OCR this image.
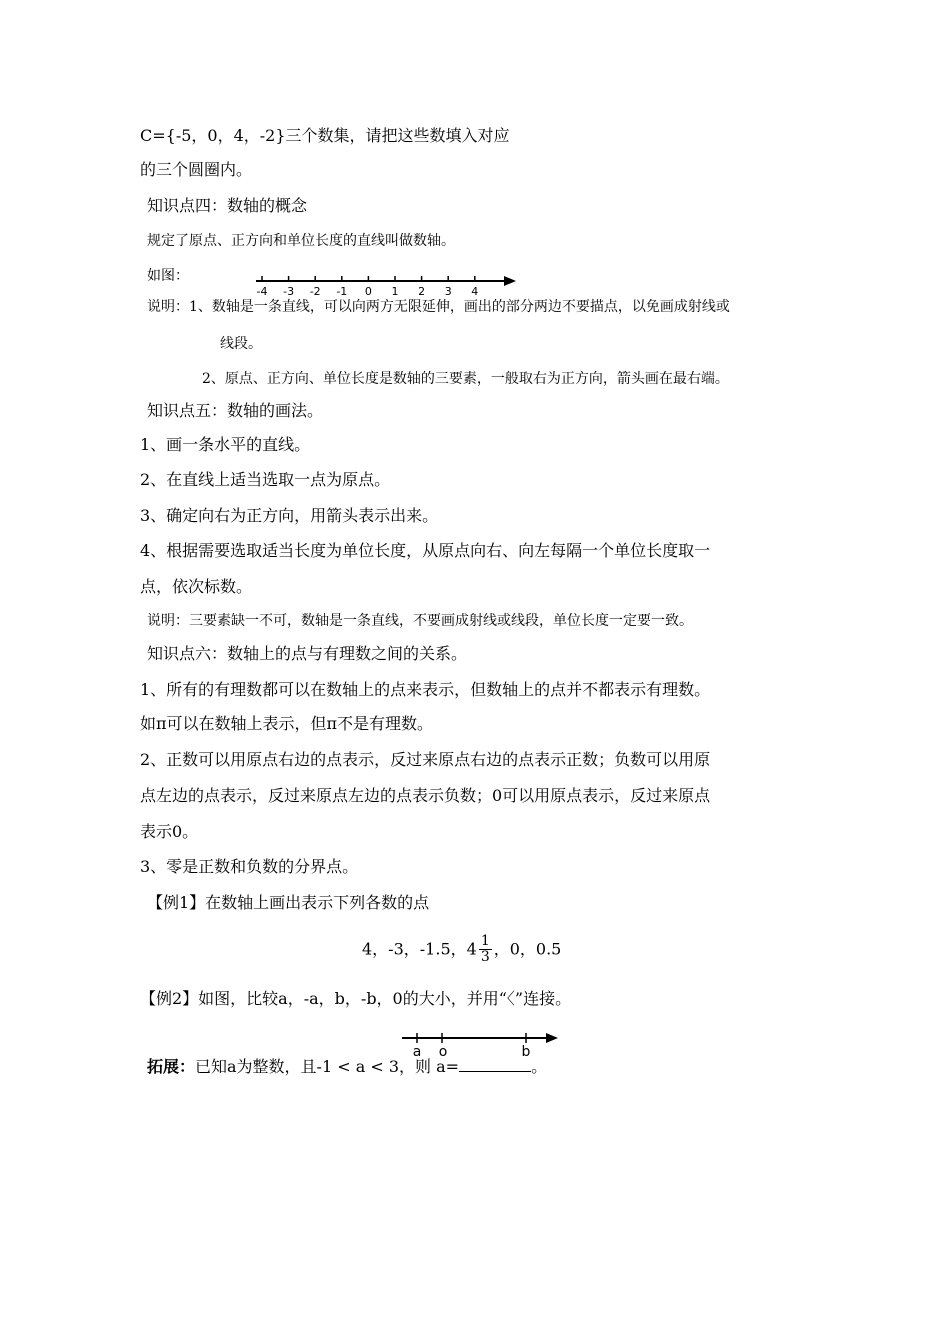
C={-5，0，4，-2}三个数集，请把这些数填入对应
的三个圆圈内。
知识点四：数轴的概念
规定了原点、正方向和单位长度的直线叫做数轴。
如图：
-4 -3 -2 -1 0 1 2 3 4
说明：1、数轴是一条直线，可以向两方无限延伸，画出的部分两边不要描点，以免画成射线或
线段。
2、原点、正方向、单位长度是数轴的三要素，一般取右为正方向，箭头画在最右端。
知识点五：数轴的画法。
1、画一条水平的直线。
2、在直线上适当选取一点为原点。
3、确定向右为正方向，用箭头表示出来。
4、根据需要选取适当长度为单位长度，从原点向右、向左每隔一个单位长度取一
点，依次标数。
说明：三要素缺一不可，数轴是一条直线，不要画成射线或线段，单位长度一定要一致。
知识点六：数轴上的点与有理数之间的关系。
1、所有的有理数都可以在数轴上的点来表示，但数轴上的点并不都表示有理数。
如π可以在数轴上表示，但π不是有理数。
2、正数可以用原点右边的点表示，反过来原点右边的点表示正数；负数可以用原
点左边的点表示，反过来原点左边的点表示负数；0可以用原点表示，反过来原点
表示0。
3、零是正数和负数的分界点。
【例1】在数轴上画出表示下列各数的点
4，-3，-1.5，$4 \frac{1}{3}$ ，0，0.5
【例2】如图，比较a，-a，b，-b，0的大小，并用“〈”连接。
a o	b
拓展：已知a为整数，且-1 < a < 3，则 a=	。
